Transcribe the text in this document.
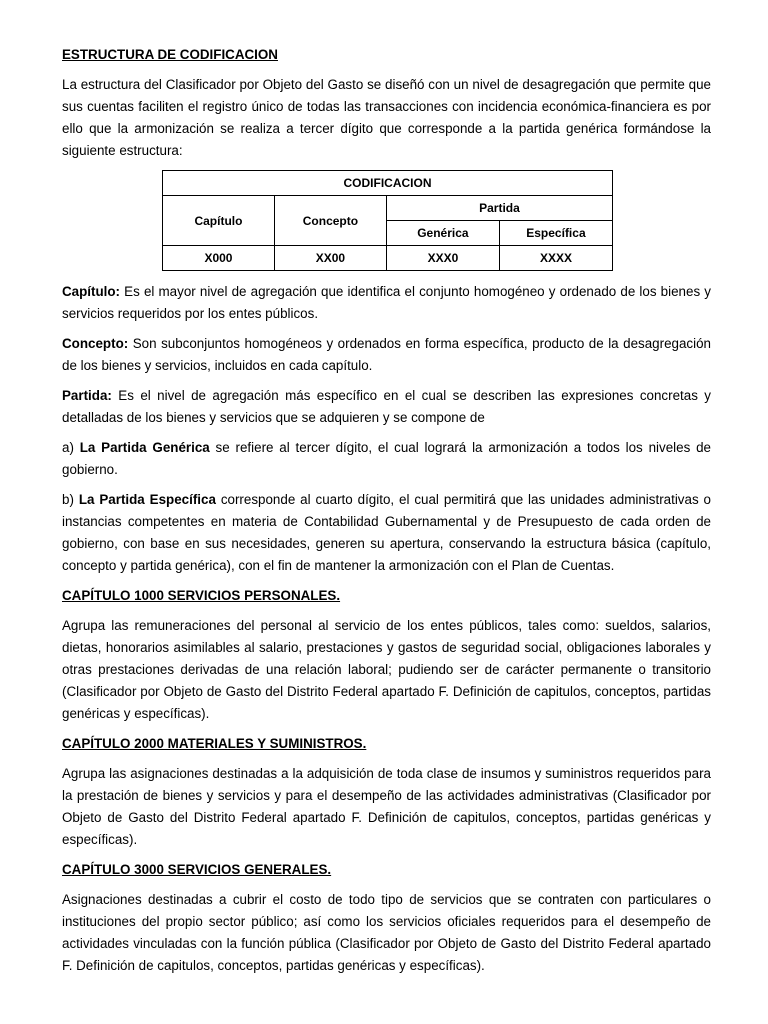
ESTRUCTURA DE CODIFICACION
La estructura del Clasificador por Objeto del Gasto se diseñó con un nivel de desagregación que permite que sus cuentas faciliten el registro único de todas las transacciones con incidencia económica-financiera es por ello que la armonización se realiza a tercer dígito que corresponde a la partida genérica formándose la siguiente estructura:
CODIFICACION			
Capítulo	Concepto	Partida	
		Genérica	Específica
X000	XX00	XXX0	XXXX
Capítulo: Es el mayor nivel de agregación que identifica el conjunto homogéneo y ordenado de los bienes y servicios requeridos por los entes públicos.
Concepto: Son subconjuntos homogéneos y ordenados en forma específica, producto de la desagregación de los bienes y servicios, incluidos en cada capítulo.
Partida: Es el nivel de agregación más específico en el cual se describen las expresiones concretas y detalladas de los bienes y servicios que se adquieren y se compone de
a) La Partida Genérica se refiere al tercer dígito, el cual logrará la armonización a todos los niveles de gobierno.
b) La Partida Específica corresponde al cuarto dígito, el cual permitirá que las unidades administrativas o instancias competentes en materia de Contabilidad Gubernamental y de Presupuesto de cada orden de gobierno, con base en sus necesidades, generen su apertura, conservando la estructura básica (capítulo, concepto y partida genérica), con el fin de mantener la armonización con el Plan de Cuentas.
CAPÍTULO 1000 SERVICIOS PERSONALES.
Agrupa las remuneraciones del personal al servicio de los entes públicos, tales como: sueldos, salarios, dietas, honorarios asimilables al salario, prestaciones y gastos de seguridad social, obligaciones laborales y otras prestaciones derivadas de una relación laboral; pudiendo ser de carácter permanente o transitorio (Clasificador por Objeto de Gasto del Distrito Federal apartado F. Definición de capitulos, conceptos, partidas genéricas y específicas).
CAPÍTULO 2000 MATERIALES Y SUMINISTROS.
Agrupa las asignaciones destinadas a la adquisición de toda clase de insumos y suministros requeridos para la prestación de bienes y servicios y para el desempeño de las actividades administrativas (Clasificador por Objeto de Gasto del Distrito Federal apartado F. Definición de capitulos, conceptos, partidas genéricas y específicas).
CAPÍTULO 3000 SERVICIOS GENERALES.
Asignaciones destinadas a cubrir el costo de todo tipo de servicios que se contraten con particulares o instituciones del propio sector público; así como los servicios oficiales requeridos para el desempeño de actividades vinculadas con la función pública (Clasificador por Objeto de Gasto del Distrito Federal apartado F. Definición de capitulos, conceptos, partidas genéricas y específicas).
